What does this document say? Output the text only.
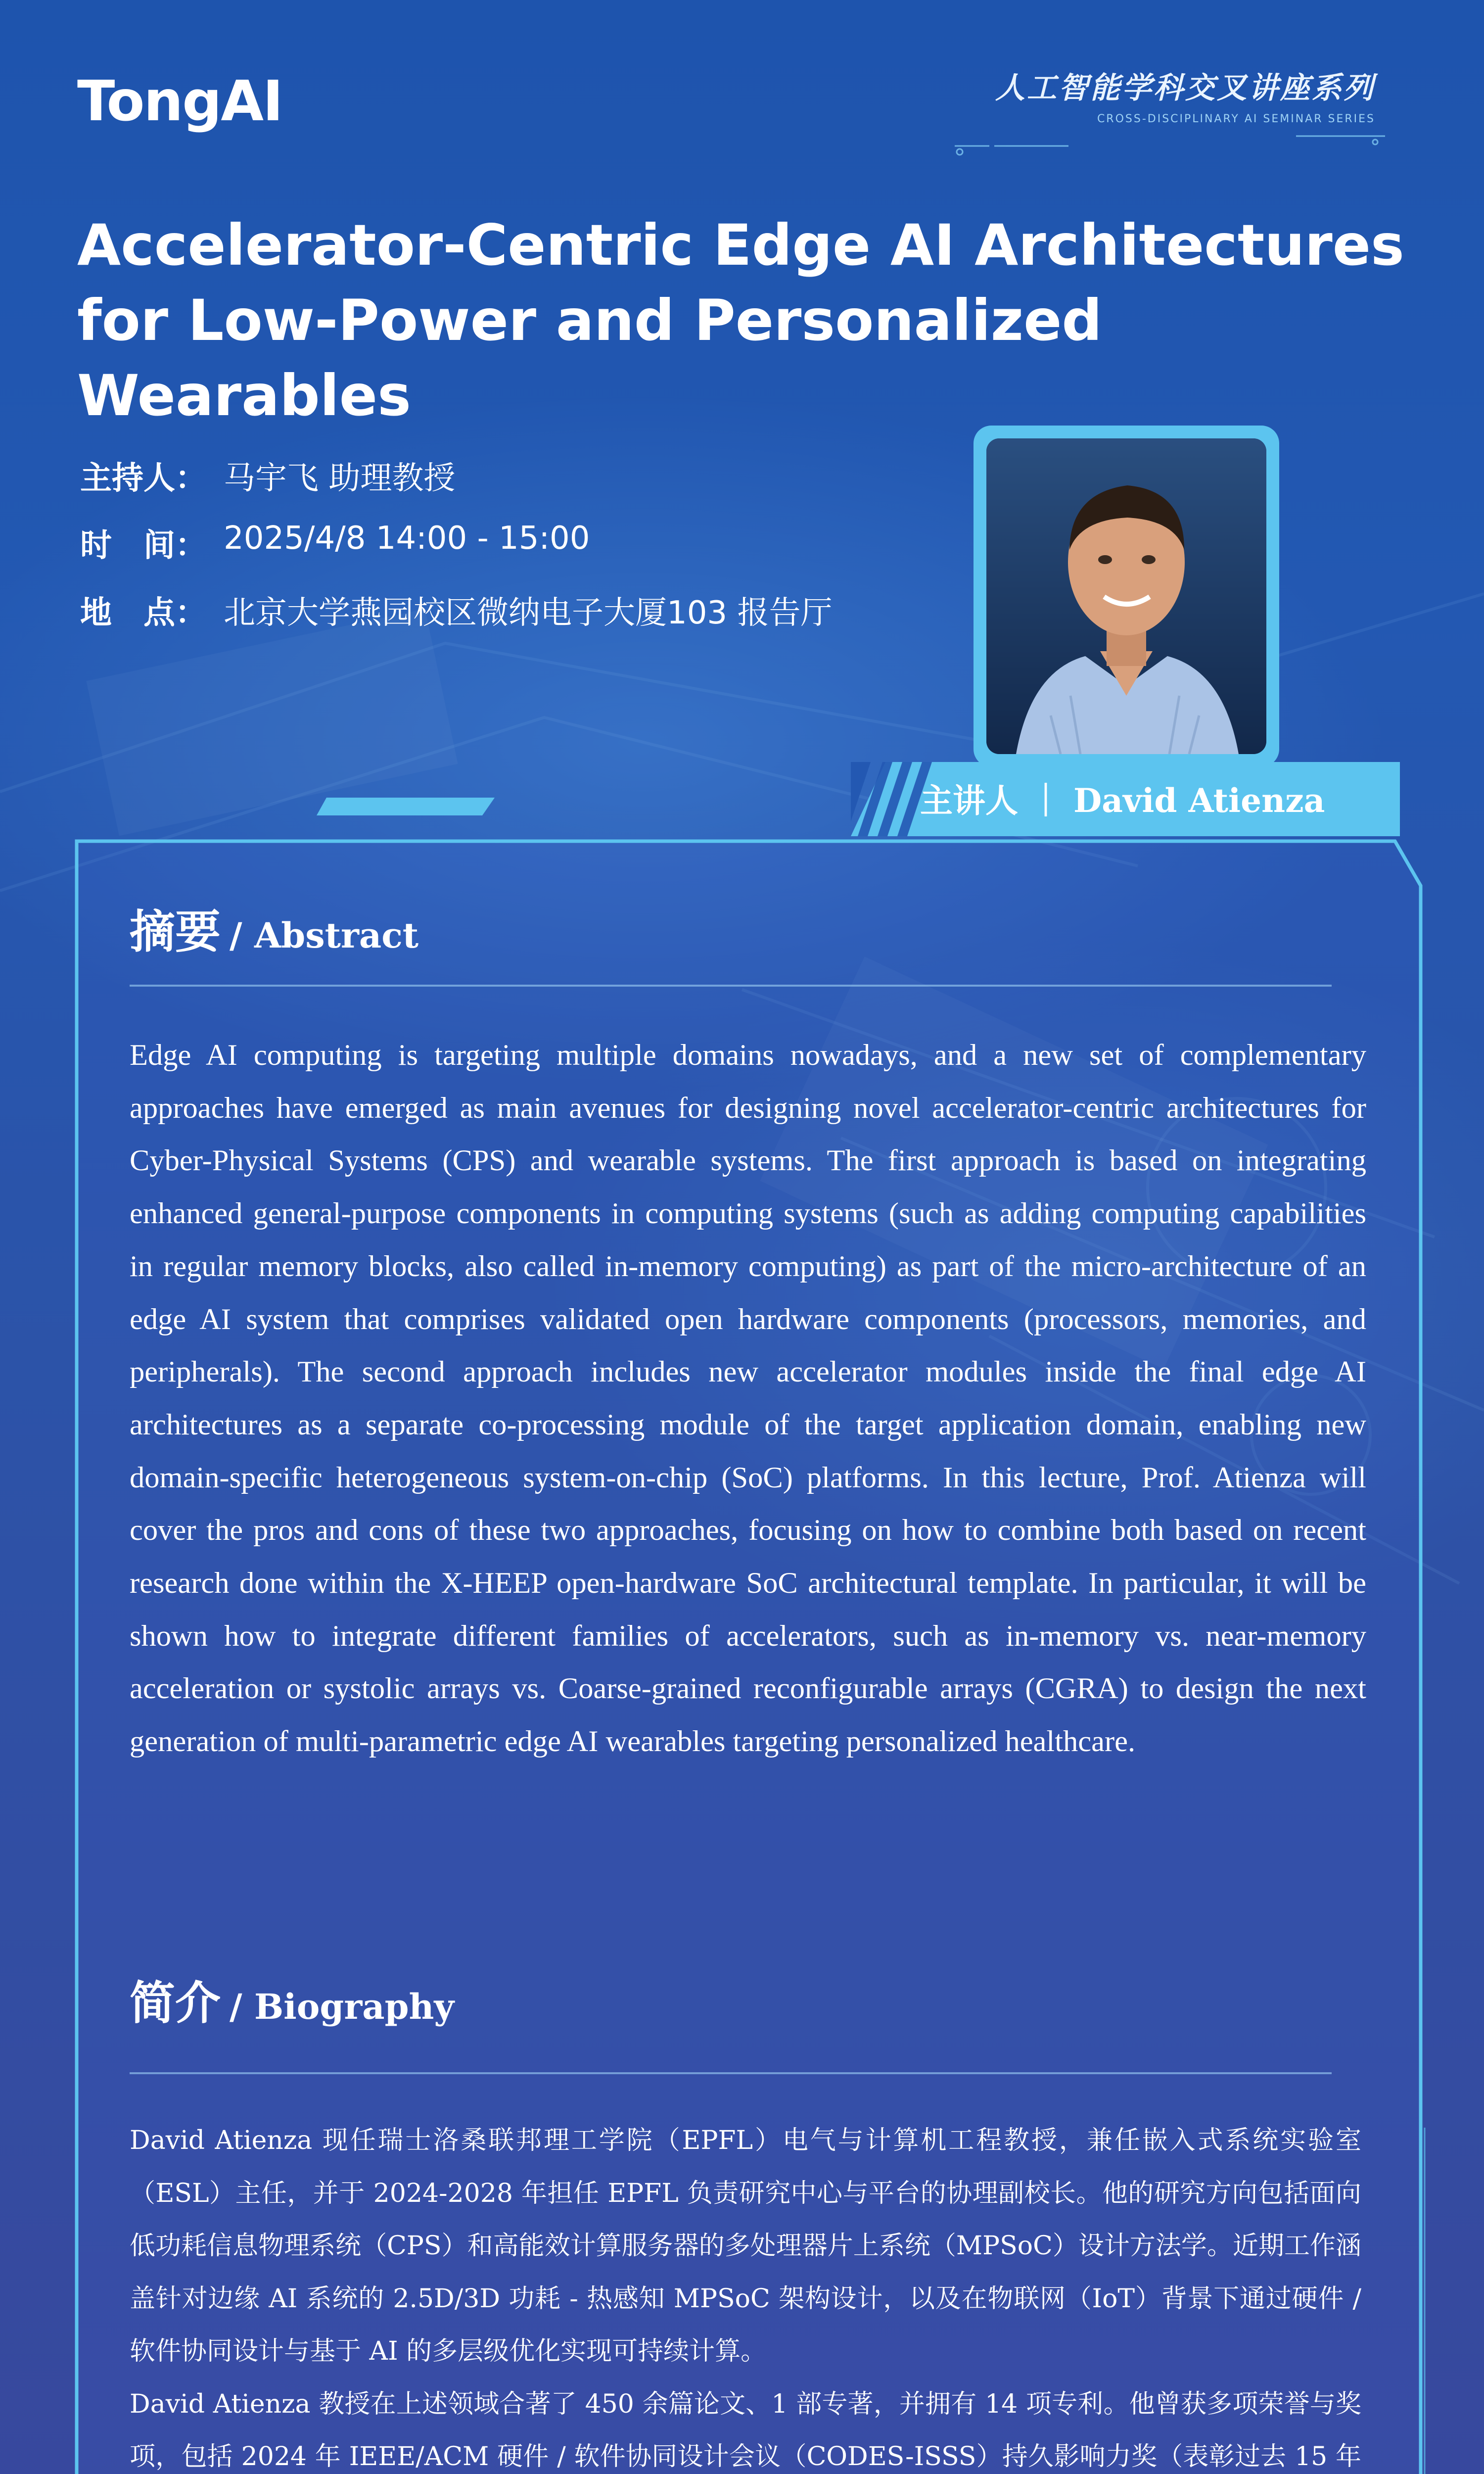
TongAI	人工智能学科交叉讲座系列
CROSS-DISCIPLINARY AI SEMINAR SERIES
Accelerator-Centric Edge AI Architectures
for Low-Power and Personalized Wearables
主持人： 马宇飞 助理教授
时　间： 2025/4/8 14:00 - 15:00
地　点： 北京大学燕园校区微纳电子大厦103 报告厅
主讲人 ｜ David Atienza
摘要 / Abstract
Edge AI computing is targeting multiple domains nowadays, and a new set of complementary approaches have emerged as main avenues for designing novel accelerator-centric architectures for Cyber-Physical Systems (CPS) and wearable systems. The first approach is based on integrating enhanced general-purpose components in computing systems (such as adding computing capabilities in regular memory blocks, also called in-memory computing) as part of the micro-architecture of an edge AI system that comprises validated open hardware components (processors, memories, and peripherals). The second approach includes new accelerator modules inside the final edge AI architectures as a separate co-processing module of the target application domain, enabling new domain-specific heterogeneous system-on-chip (SoC) platforms. In this lecture, Prof. Atienza will cover the pros and cons of these two approaches, focusing on how to combine both based on recent research done within the X-HEEP open-hardware SoC architectural template. In particular, it will be shown how to integrate different families of accelerators, such as in-memory vs. near-memory acceleration or systolic arrays vs. Coarse-grained reconfigurable arrays (CGRA) to design the next generation of multi-parametric edge AI wearables targeting personalized healthcare.
简介 / Biography

David Atienza 现任瑞士洛桑联邦理工学院（EPFL）电气与计算机工程教授，兼任嵌入式系统实验室（ESL）主任，并于 2024-2028 年担任 EPFL 负责研究中心与平台的协理副校长。他的研究方向包括面向低功耗信息物理系统（CPS）和高能效计算服务器的多处理器片上系统（MPSoC）设计方法学。近期工作涵盖针对边缘 AI 系统的 2.5D/3D 功耗 - 热感知 MPSoC 架构设计，以及在物联网（IoT）背景下通过硬件 / 软件协同设计与基于 AI 的多层级优化实现可持续计算。

David Atienza 教授在上述领域合著了 450 余篇论文、1 部专著，并拥有 14 项专利。他曾获多项荣誉与奖项，包括 2024 年 IEEE/ACM 硬件 / 软件协同设计会议（CODES-ISSS）持久影响力奖（表彰过去 15 年
